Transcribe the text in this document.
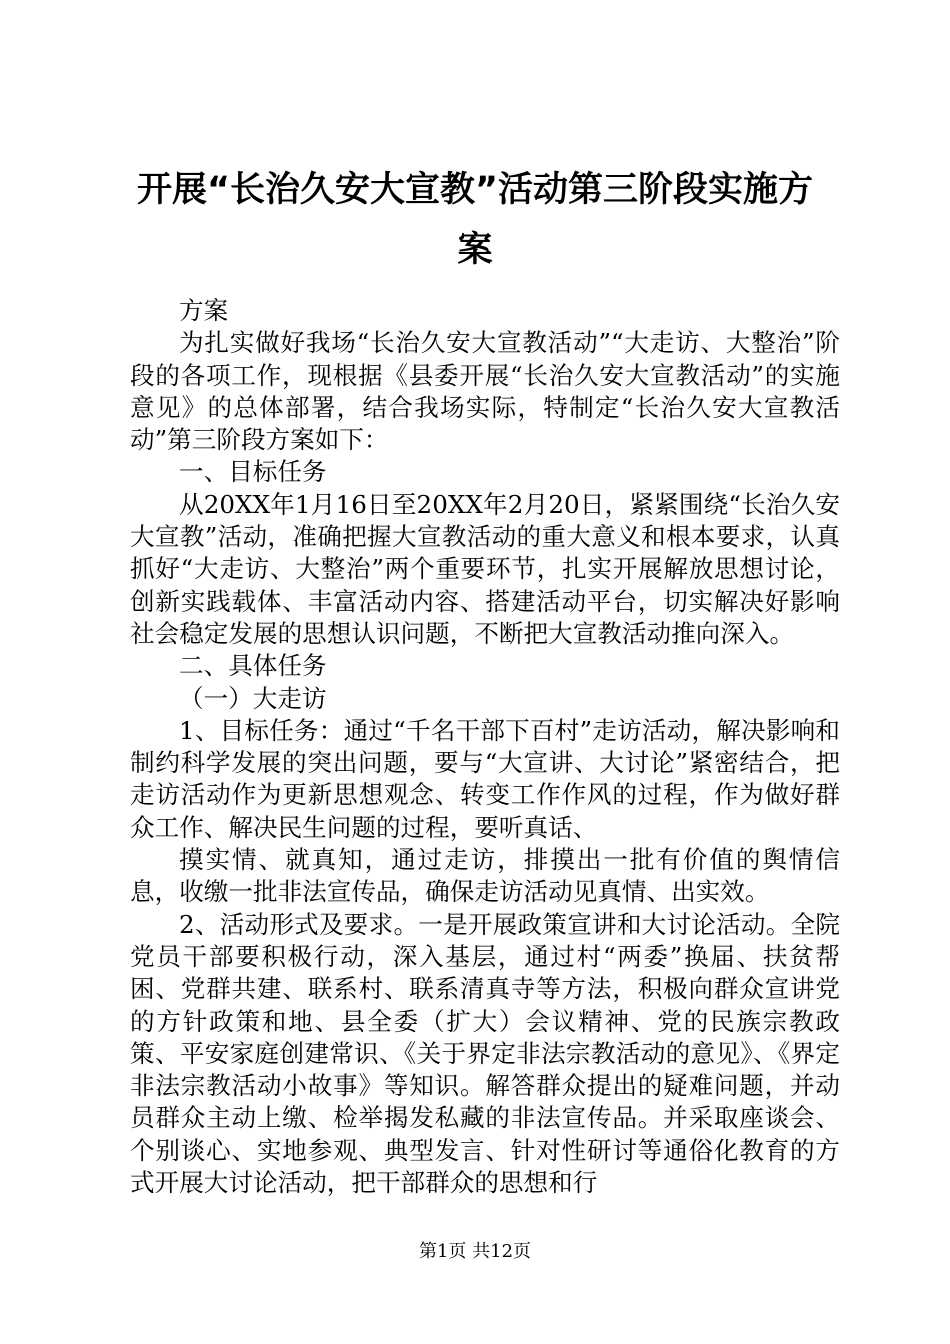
开展“长治久安大宣教”活动第三阶段实施方案

方案

为扎实做好我场“长治久安大宣教活动”“大走访、大整治”阶段的各项工作，现根据《县委开展“长治久安大宣教活动”的实施意见》的总体部署，结合我场实际，特制定“长治久安大宣教活动”第三阶段方案如下：

一、目标任务

从20XX年1月16日至20XX年2月20日，紧紧围绕“长治久安大宣教”活动，准确把握大宣教活动的重大意义和根本要求，认真抓好“大走访、大整治”两个重要环节，扎实开展解放思想讨论，创新实践载体、丰富活动内容、搭建活动平台，切实解决好影响社会稳定发展的思想认识问题，不断把大宣教活动推向深入。

二、具体任务

（一）大走访

1、目标任务：通过“千名干部下百村”走访活动，解决影响和制约科学发展的突出问题，要与“大宣讲、大讨论”紧密结合，把走访活动作为更新思想观念、转变工作作风的过程，作为做好群众工作、解决民生问题的过程，要听真话、

摸实情、就真知，通过走访，排摸出一批有价值的舆情信息，收缴一批非法宣传品，确保走访活动见真情、出实效。

2、活动形式及要求。一是开展政策宣讲和大讨论活动。全院党员干部要积极行动，深入基层，通过村“两委”换届、扶贫帮困、党群共建、联系村、联系清真寺等方法，积极向群众宣讲党的方针政策和地、县全委（扩大）会议精神、党的民族宗教政策、平安家庭创建常识、《关于界定非法宗教活动的意见》、《界定非法宗教活动小故事》等知识。解答群众提出的疑难问题，并动员群众主动上缴、检举揭发私藏的非法宣传品。并采取座谈会、个别谈心、实地参观、典型发言、针对性研讨等通俗化教育的方式开展大讨论活动，把干部群众的思想和行

第1页 共12页
